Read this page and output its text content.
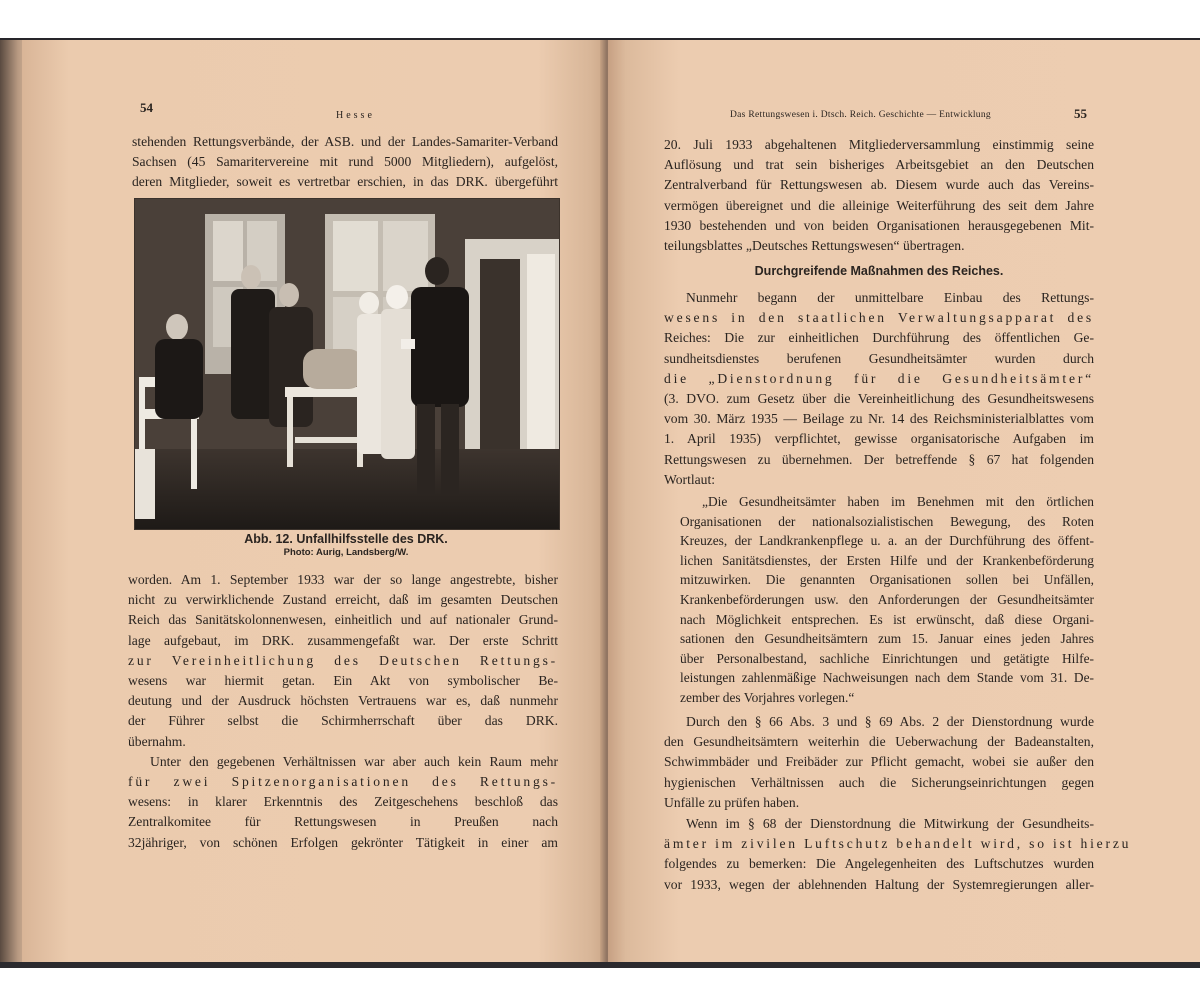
54
Hesse
stehenden Rettungsverbände, der ASB. und der Landes-Samariter-Verband
Sachsen (45 Samaritervereine mit rund 5000 Mitgliedern), aufgelöst,
deren Mitglieder, soweit es vertretbar erschien, in das DRK. übergeführt
Abb. 12. Unfallhilfsstelle des DRK.
Photo: Aurig, Landsberg/W.
worden. Am 1. September 1933 war der so lange angestrebte, bisher
nicht zu verwirklichende Zustand erreicht, daß im gesamten Deutschen
Reich das Sanitätskolonnenwesen, einheitlich und auf nationaler Grund-
lage aufgebaut, im DRK. zusammengefaßt war. Der erste Schritt
zur Vereinheitlichung des Deutschen Rettungs-
wesens war hiermit getan. Ein Akt von symbolischer Be-
deutung und der Ausdruck höchsten Vertrauens war es, daß nunmehr
der Führer selbst die Schirmherrschaft über das DRK.
übernahm.
Unter den gegebenen Verhältnissen war aber auch kein Raum mehr
für zwei Spitzenorganisationen des Rettungs-
wesens: in klarer Erkenntnis des Zeitgeschehens beschloß das
Zentralkomitee für Rettungswesen in Preußen nach
32jähriger, von schönen Erfolgen gekrönter Tätigkeit in einer am
Das Rettungswesen i. Dtsch. Reich. Geschichte — Entwicklung	55
20. Juli 1933 abgehaltenen Mitgliederversammlung einstimmig seine
Auflösung und trat sein bisheriges Arbeitsgebiet an den Deutschen
Zentralverband für Rettungswesen ab. Diesem wurde auch das Vereins-
vermögen übereignet und die alleinige Weiterführung des seit dem Jahre
1930 bestehenden und von beiden Organisationen herausgegebenen Mit-
teilungsblattes „Deutsches Rettungswesen“ übertragen.
Durchgreifende Maßnahmen des Reiches.
Nunmehr begann der unmittelbare Einbau des Rettungs-
wesens in den staatlichen Verwaltungsapparat des
Reiches: Die zur einheitlichen Durchführung des öffentlichen Ge-
sundheitsdienstes berufenen Gesundheitsämter wurden durch
die „Dienstordnung für die Gesundheitsämter“
(3. DVO. zum Gesetz über die Vereinheitlichung des Gesundheitswesens
vom 30. März 1935 — Beilage zu Nr. 14 des Reichsministerialblattes vom
1. April 1935) verpflichtet, gewisse organisatorische Aufgaben im
Rettungswesen zu übernehmen. Der betreffende § 67 hat folgenden
Wortlaut:
„Die Gesundheitsämter haben im Benehmen mit den örtlichen
Organisationen der nationalsozialistischen Bewegung, des Roten
Kreuzes, der Landkrankenpflege u. a. an der Durchführung des öffent-
lichen Sanitätsdienstes, der Ersten Hilfe und der Krankenbeförderung
mitzuwirken. Die genannten Organisationen sollen bei Unfällen,
Krankenbeförderungen usw. den Anforderungen der Gesundheitsämter
nach Möglichkeit entsprechen. Es ist erwünscht, daß diese Organi-
sationen den Gesundheitsämtern zum 15. Januar eines jeden Jahres
über Personalbestand, sachliche Einrichtungen und getätigte Hilfe-
leistungen zahlenmäßige Nachweisungen nach dem Stande vom 31. De-
zember des Vorjahres vorlegen.“
Durch den § 66 Abs. 3 und § 69 Abs. 2 der Dienstordnung wurde
den Gesundheitsämtern weiterhin die Ueberwachung der Badeanstalten,
Schwimmbäder und Freibäder zur Pflicht gemacht, wobei sie außer den
hygienischen Verhältnissen auch die Sicherungseinrichtungen gegen
Unfälle zu prüfen haben.
Wenn im § 68 der Dienstordnung die Mitwirkung der Gesundheits-
ämter im zivilen Luftschutz behandelt wird, so ist hierzu
folgendes zu bemerken: Die Angelegenheiten des Luftschutzes wurden
vor 1933, wegen der ablehnenden Haltung der Systemregierungen aller-
